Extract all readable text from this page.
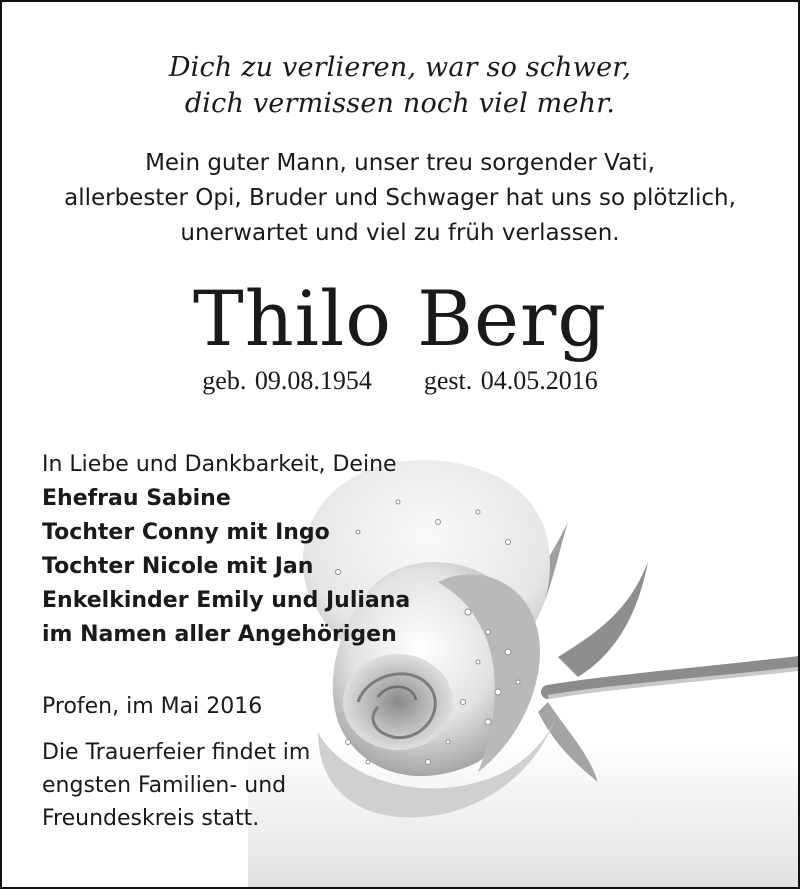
Dich zu verlieren, war so schwer,
dich vermissen noch viel mehr.
Mein guter Mann, unser treu sorgender Vati,
allerbester Opi, Bruder und Schwager hat uns so plötzlich,
unerwartet und viel zu früh verlassen.
Thilo Berg
geb. 09.08.1954 gest. 04.05.2016
In Liebe und Dankbarkeit, Deine
Ehefrau Sabine
Tochter Conny mit Ingo
Tochter Nicole mit Jan
Enkelkinder Emily und Juliana
im Namen aller Angehörigen
Profen, im Mai 2016
Die Trauerfeier findet im
engsten Familien- und
Freundeskreis statt.
